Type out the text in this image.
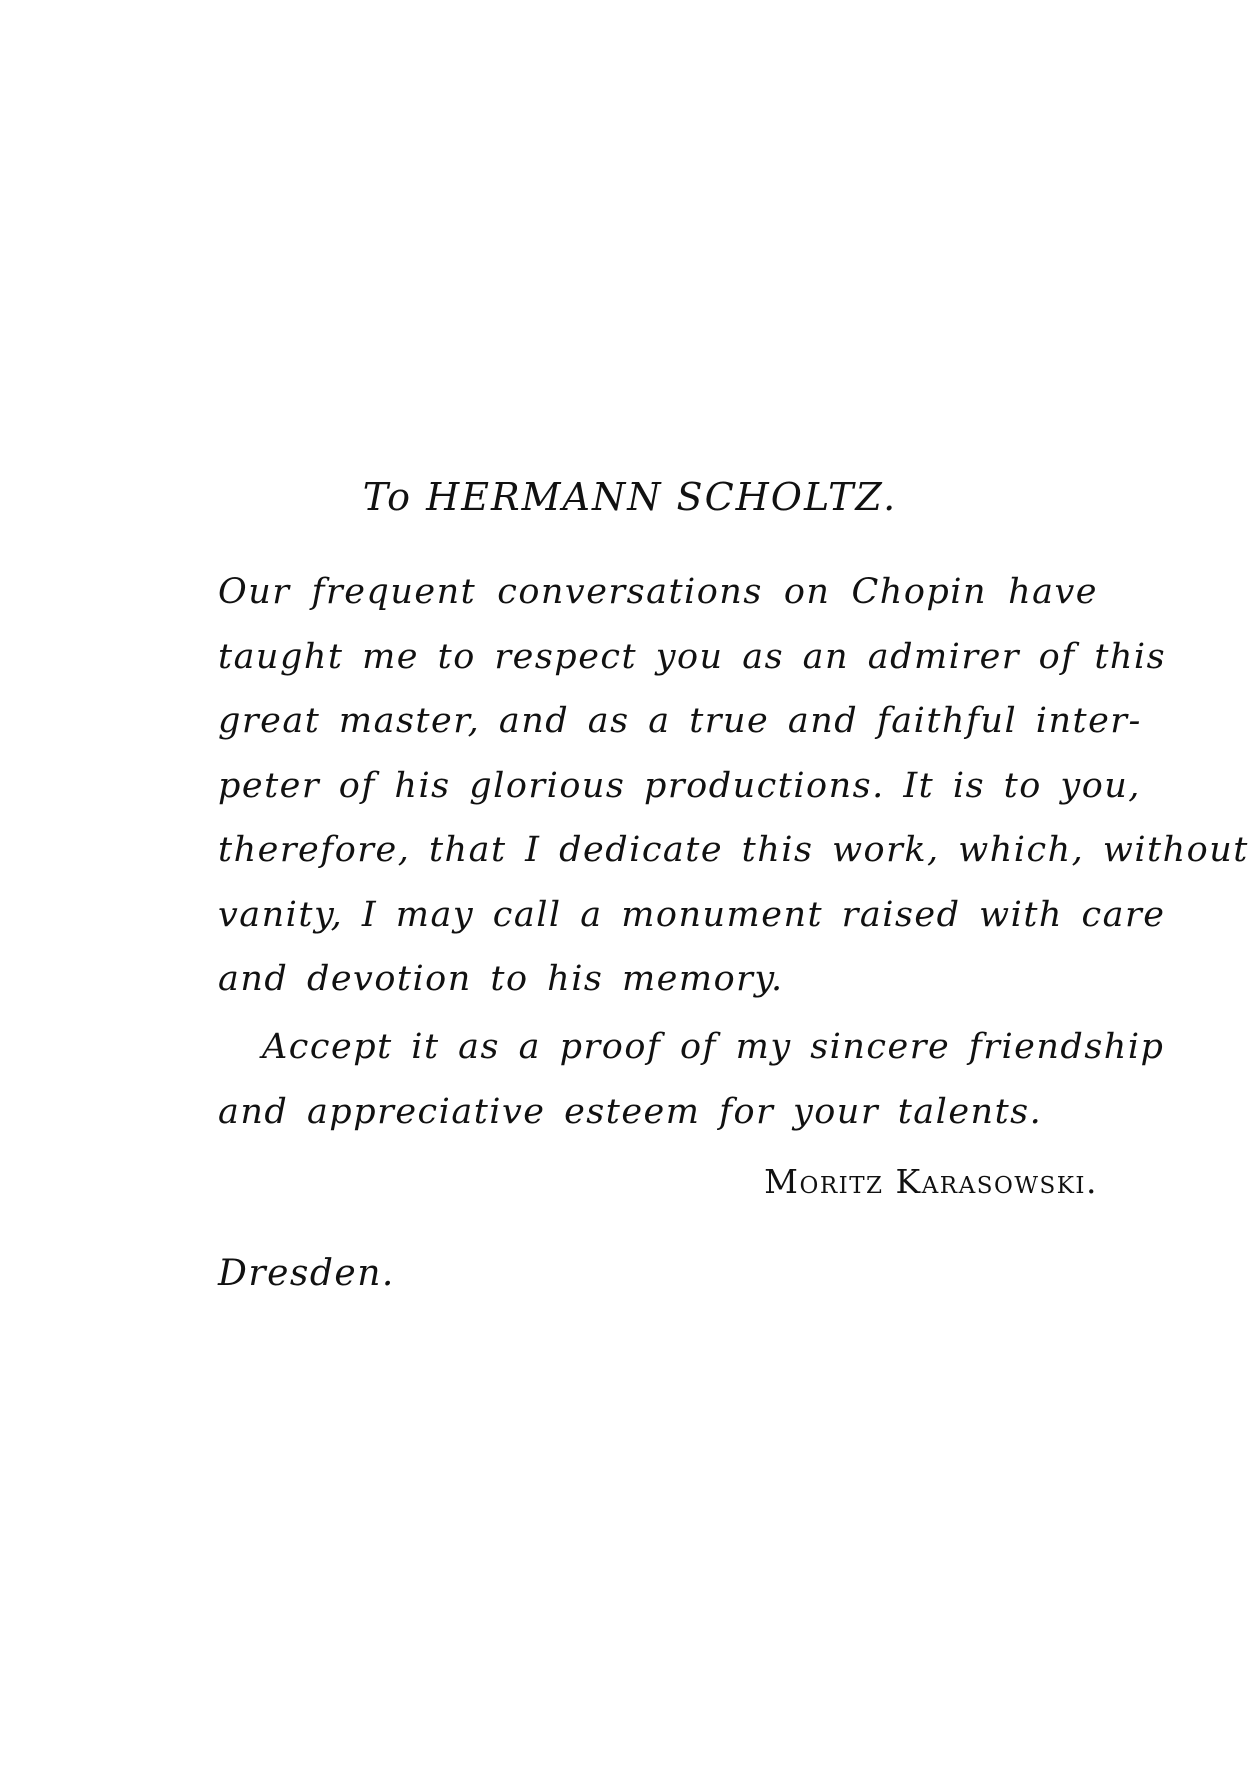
To HERMANN SCHOLTZ.
Our frequent conversations on Chopin have
taught me to respect you as an admirer of this
great master, and as a true and faithful inter-
peter of his glorious productions. It is to you,
therefore, that I dedicate this work, which, without
vanity, I may call a monument raised with care
and devotion to his memory.
Accept it as a proof of my sincere friendship
and appreciative esteem for your talents.
Moritz Karasowski.
Dresden.
